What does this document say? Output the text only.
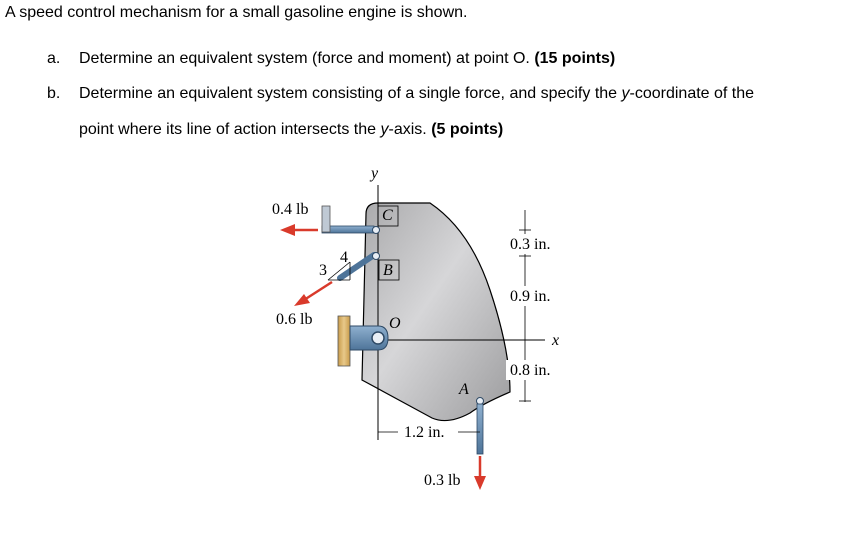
A speed control mechanism for a small gasoline engine is shown.
a. Determine an equivalent system (force and moment) at point O. (15 points)
b. Determine an equivalent system consisting of a single force, and specify the y-coordinate of the
point where its line of action intersects the y-axis. (5 points)
y
x
C
0.4 lb
B
3
4
0.6 lb	O
A
0.3 lb
0.3 in.
0.9 in.
0.8 in.
1.2 in.
